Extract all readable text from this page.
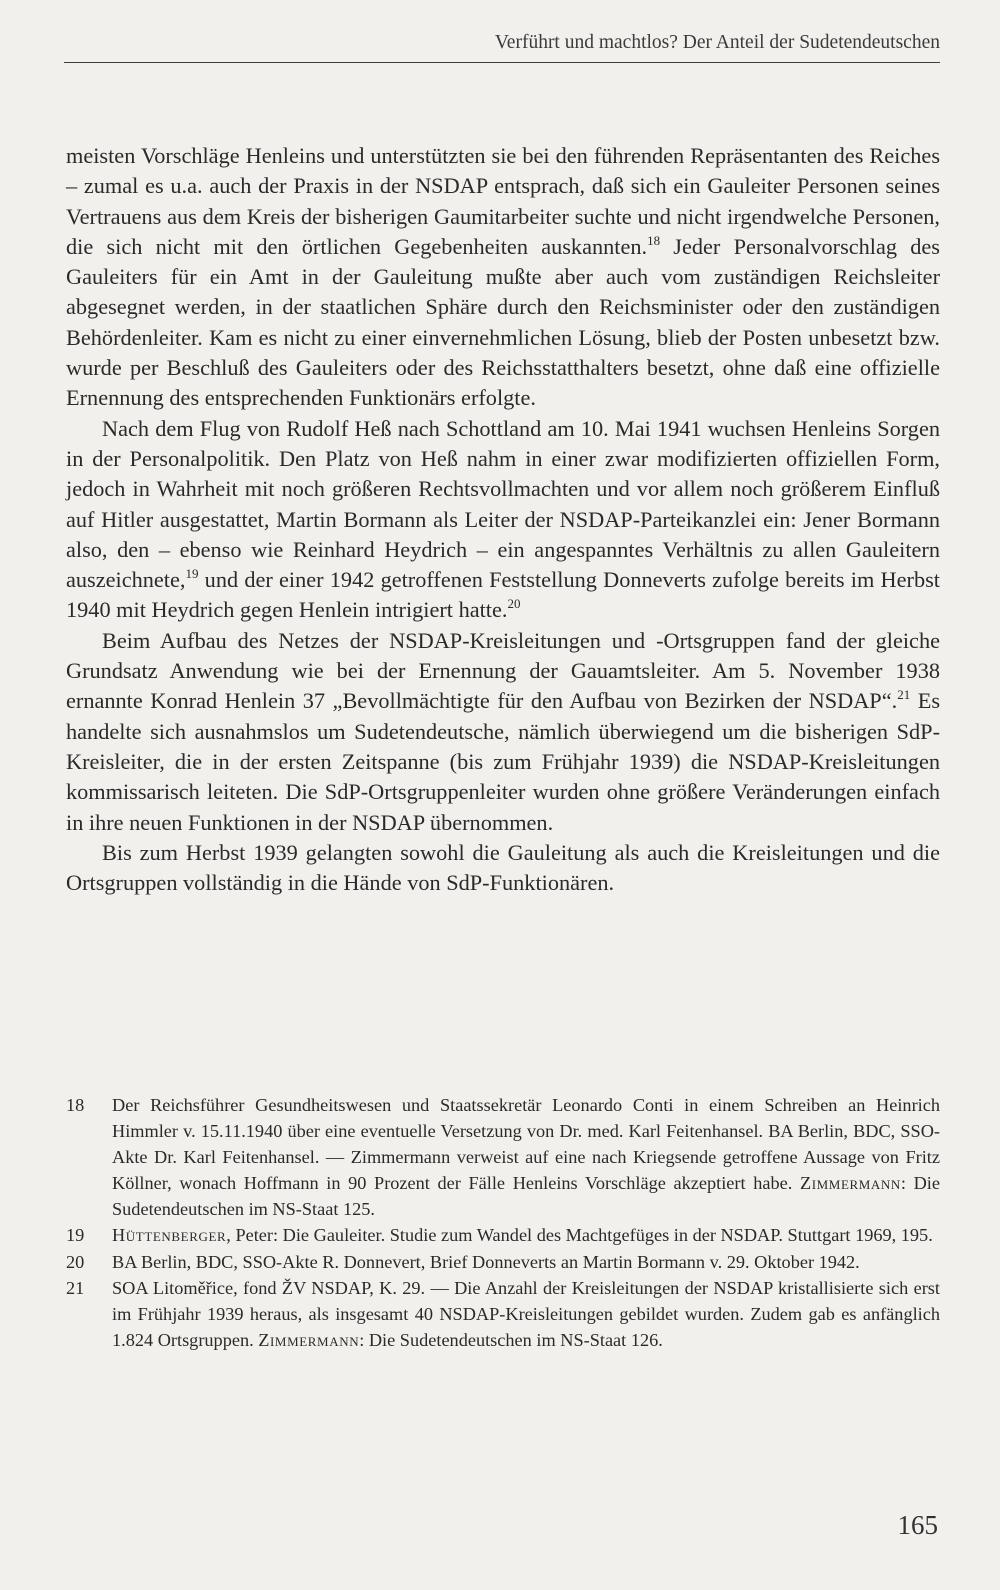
Verführt und machtlos? Der Anteil der Sudetendeutschen

meisten Vorschläge Henleins und unterstützten sie bei den führenden Repräsentanten des Reiches – zumal es u.a. auch der Praxis in der NSDAP entsprach, daß sich ein Gauleiter Personen seines Vertrauens aus dem Kreis der bisherigen Gaumitarbeiter suchte und nicht irgendwelche Personen, die sich nicht mit den örtlichen Gegebenheiten auskannten.$^{18}$ Jeder Personalvorschlag des Gauleiters für ein Amt in der Gauleitung mußte aber auch vom zuständigen Reichsleiter abgesegnet werden, in der staatlichen Sphäre durch den Reichsminister oder den zuständigen Behördenleiter. Kam es nicht zu einer einvernehmlichen Lösung, blieb der Posten unbesetzt bzw. wurde per Beschluß des Gauleiters oder des Reichsstatthalters besetzt, ohne daß eine offizielle Ernennung des entsprechenden Funktionärs erfolgte.

Nach dem Flug von Rudolf Heß nach Schottland am 10. Mai 1941 wuchsen Henleins Sorgen in der Personalpolitik. Den Platz von Heß nahm in einer zwar modifizierten offiziellen Form, jedoch in Wahrheit mit noch größeren Rechtsvollmachten und vor allem noch größerem Einfluß auf Hitler ausgestattet, Martin Bormann als Leiter der NSDAP-Parteikanzlei ein: Jener Bormann also, den – ebenso wie Reinhard Heydrich – ein angespanntes Verhältnis zu allen Gauleitern auszeichnete,$^{19}$ und der einer 1942 getroffenen Feststellung Donneverts zufolge bereits im Herbst 1940 mit Heydrich gegen Henlein intrigiert hatte.$^{20}$

Beim Aufbau des Netzes der NSDAP-Kreisleitungen und -Ortsgruppen fand der gleiche Grundsatz Anwendung wie bei der Ernennung der Gauamtsleiter. Am 5. November 1938 ernannte Konrad Henlein 37 „Bevollmächtigte für den Aufbau von Bezirken der NSDAP“.$^{21}$ Es handelte sich ausnahmslos um Sudetendeutsche, nämlich überwiegend um die bisherigen SdP-Kreisleiter, die in der ersten Zeitspanne (bis zum Frühjahr 1939) die NSDAP-Kreisleitungen kommissarisch leiteten. Die SdP-Ortsgruppenleiter wurden ohne größere Veränderungen einfach in ihre neuen Funktionen in der NSDAP übernommen.

Bis zum Herbst 1939 gelangten sowohl die Gauleitung als auch die Kreisleitungen und die Ortsgruppen vollständig in die Hände von SdP-Funktionären.

18	Der Reichsführer Gesundheitswesen und Staatssekretär Leonardo Conti in einem Schreiben an Heinrich Himmler v. 15.11.1940 über eine eventuelle Versetzung von Dr. med. Karl Feitenhansel. BA Berlin, BDC, SSO-Akte Dr. Karl Feitenhansel. — Zimmermann verweist auf eine nach Kriegsende getroffene Aussage von Fritz Köllner, wonach Hoffmann in 90 Prozent der Fälle Henleins Vorschläge akzeptiert habe. Zimmermann: Die Sudetendeutschen im NS-Staat 125.
19	Hüttenberger, Peter: Die Gauleiter. Studie zum Wandel des Machtgefüges in der NSDAP. Stuttgart 1969, 195.
20	BA Berlin, BDC, SSO-Akte R. Donnevert, Brief Donneverts an Martin Bormann v. 29. Oktober 1942.
21	SOA Litoměřice, fond ŽV NSDAP, K. 29. — Die Anzahl der Kreisleitungen der NSDAP kristallisierte sich erst im Frühjahr 1939 heraus, als insgesamt 40 NSDAP-Kreisleitungen gebildet wurden. Zudem gab es anfänglich 1.824 Ortsgruppen. Zimmermann: Die Sudetendeutschen im NS-Staat 126.
165
